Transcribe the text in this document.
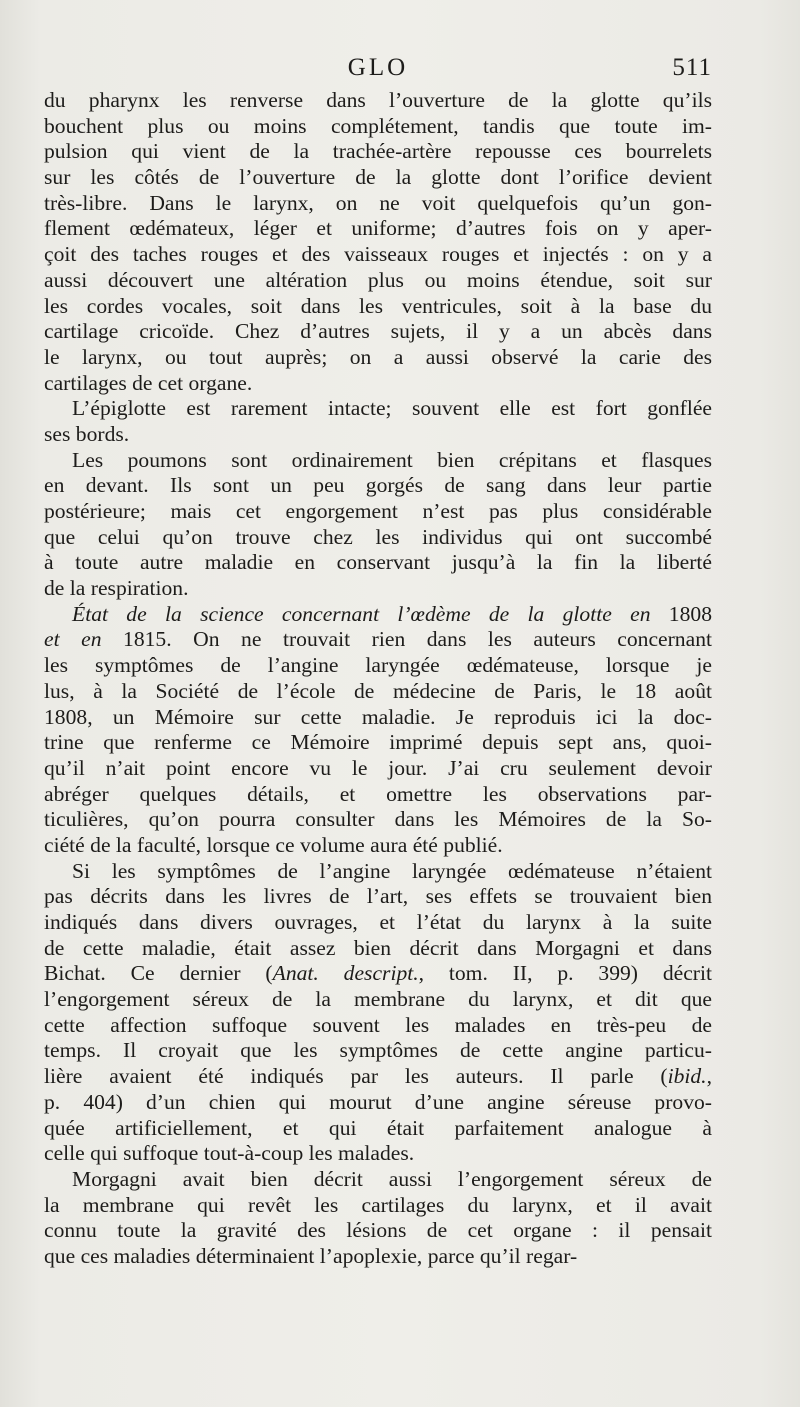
GLO	511
du pharynx les renverse dans l’ouverture de la glotte qu’ils
bouchent plus ou moins complétement, tandis que toute im-
pulsion qui vient de la trachée-artère repousse ces bourrelets
sur les côtés de l’ouverture de la glotte dont l’orifice devient
très-libre. Dans le larynx, on ne voit quelquefois qu’un gon-
flement œdémateux, léger et uniforme; d’autres fois on y aper-
çoit des taches rouges et des vaisseaux rouges et injectés : on y a
aussi découvert une altération plus ou moins étendue, soit sur
les cordes vocales, soit dans les ventricules, soit à la base du
cartilage cricoïde. Chez d’autres sujets, il y a un abcès dans
le larynx, ou tout auprès; on a aussi observé la carie des
cartilages de cet organe.
L’épiglotte est rarement intacte; souvent elle est fort gonflée
ses bords.
Les poumons sont ordinairement bien crépitans et flasques
en devant. Ils sont un peu gorgés de sang dans leur partie
postérieure; mais cet engorgement n’est pas plus considérable
que celui qu’on trouve chez les individus qui ont succombé
à toute autre maladie en conservant jusqu’à la fin la liberté
de la respiration.
État de la science concernant l’œdème de la glotte en 1808
et en 1815. On ne trouvait rien dans les auteurs concernant
les symptômes de l’angine laryngée œdémateuse, lorsque je
lus, à la Société de l’école de médecine de Paris, le 18 août
1808, un Mémoire sur cette maladie. Je reproduis ici la doc-
trine que renferme ce Mémoire imprimé depuis sept ans, quoi-
qu’il n’ait point encore vu le jour. J’ai cru seulement devoir
abréger quelques détails, et omettre les observations par-
ticulières, qu’on pourra consulter dans les Mémoires de la So-
ciété de la faculté, lorsque ce volume aura été publié.
Si les symptômes de l’angine laryngée œdémateuse n’étaient
pas décrits dans les livres de l’art, ses effets se trouvaient bien
indiqués dans divers ouvrages, et l’état du larynx à la suite
de cette maladie, était assez bien décrit dans Morgagni et dans
Bichat. Ce dernier (Anat. descript., tom. II, p. 399) décrit
l’engorgement séreux de la membrane du larynx, et dit que
cette affection suffoque souvent les malades en très-peu de
temps. Il croyait que les symptômes de cette angine particu-
lière avaient été indiqués par les auteurs. Il parle (ibid.,
p. 404) d’un chien qui mourut d’une angine séreuse provo-
quée artificiellement, et qui était parfaitement analogue à
celle qui suffoque tout-à-coup les malades.
Morgagni avait bien décrit aussi l’engorgement séreux de
la membrane qui revêt les cartilages du larynx, et il avait
connu toute la gravité des lésions de cet organe : il pensait
que ces maladies déterminaient l’apoplexie, parce qu’il regar-
